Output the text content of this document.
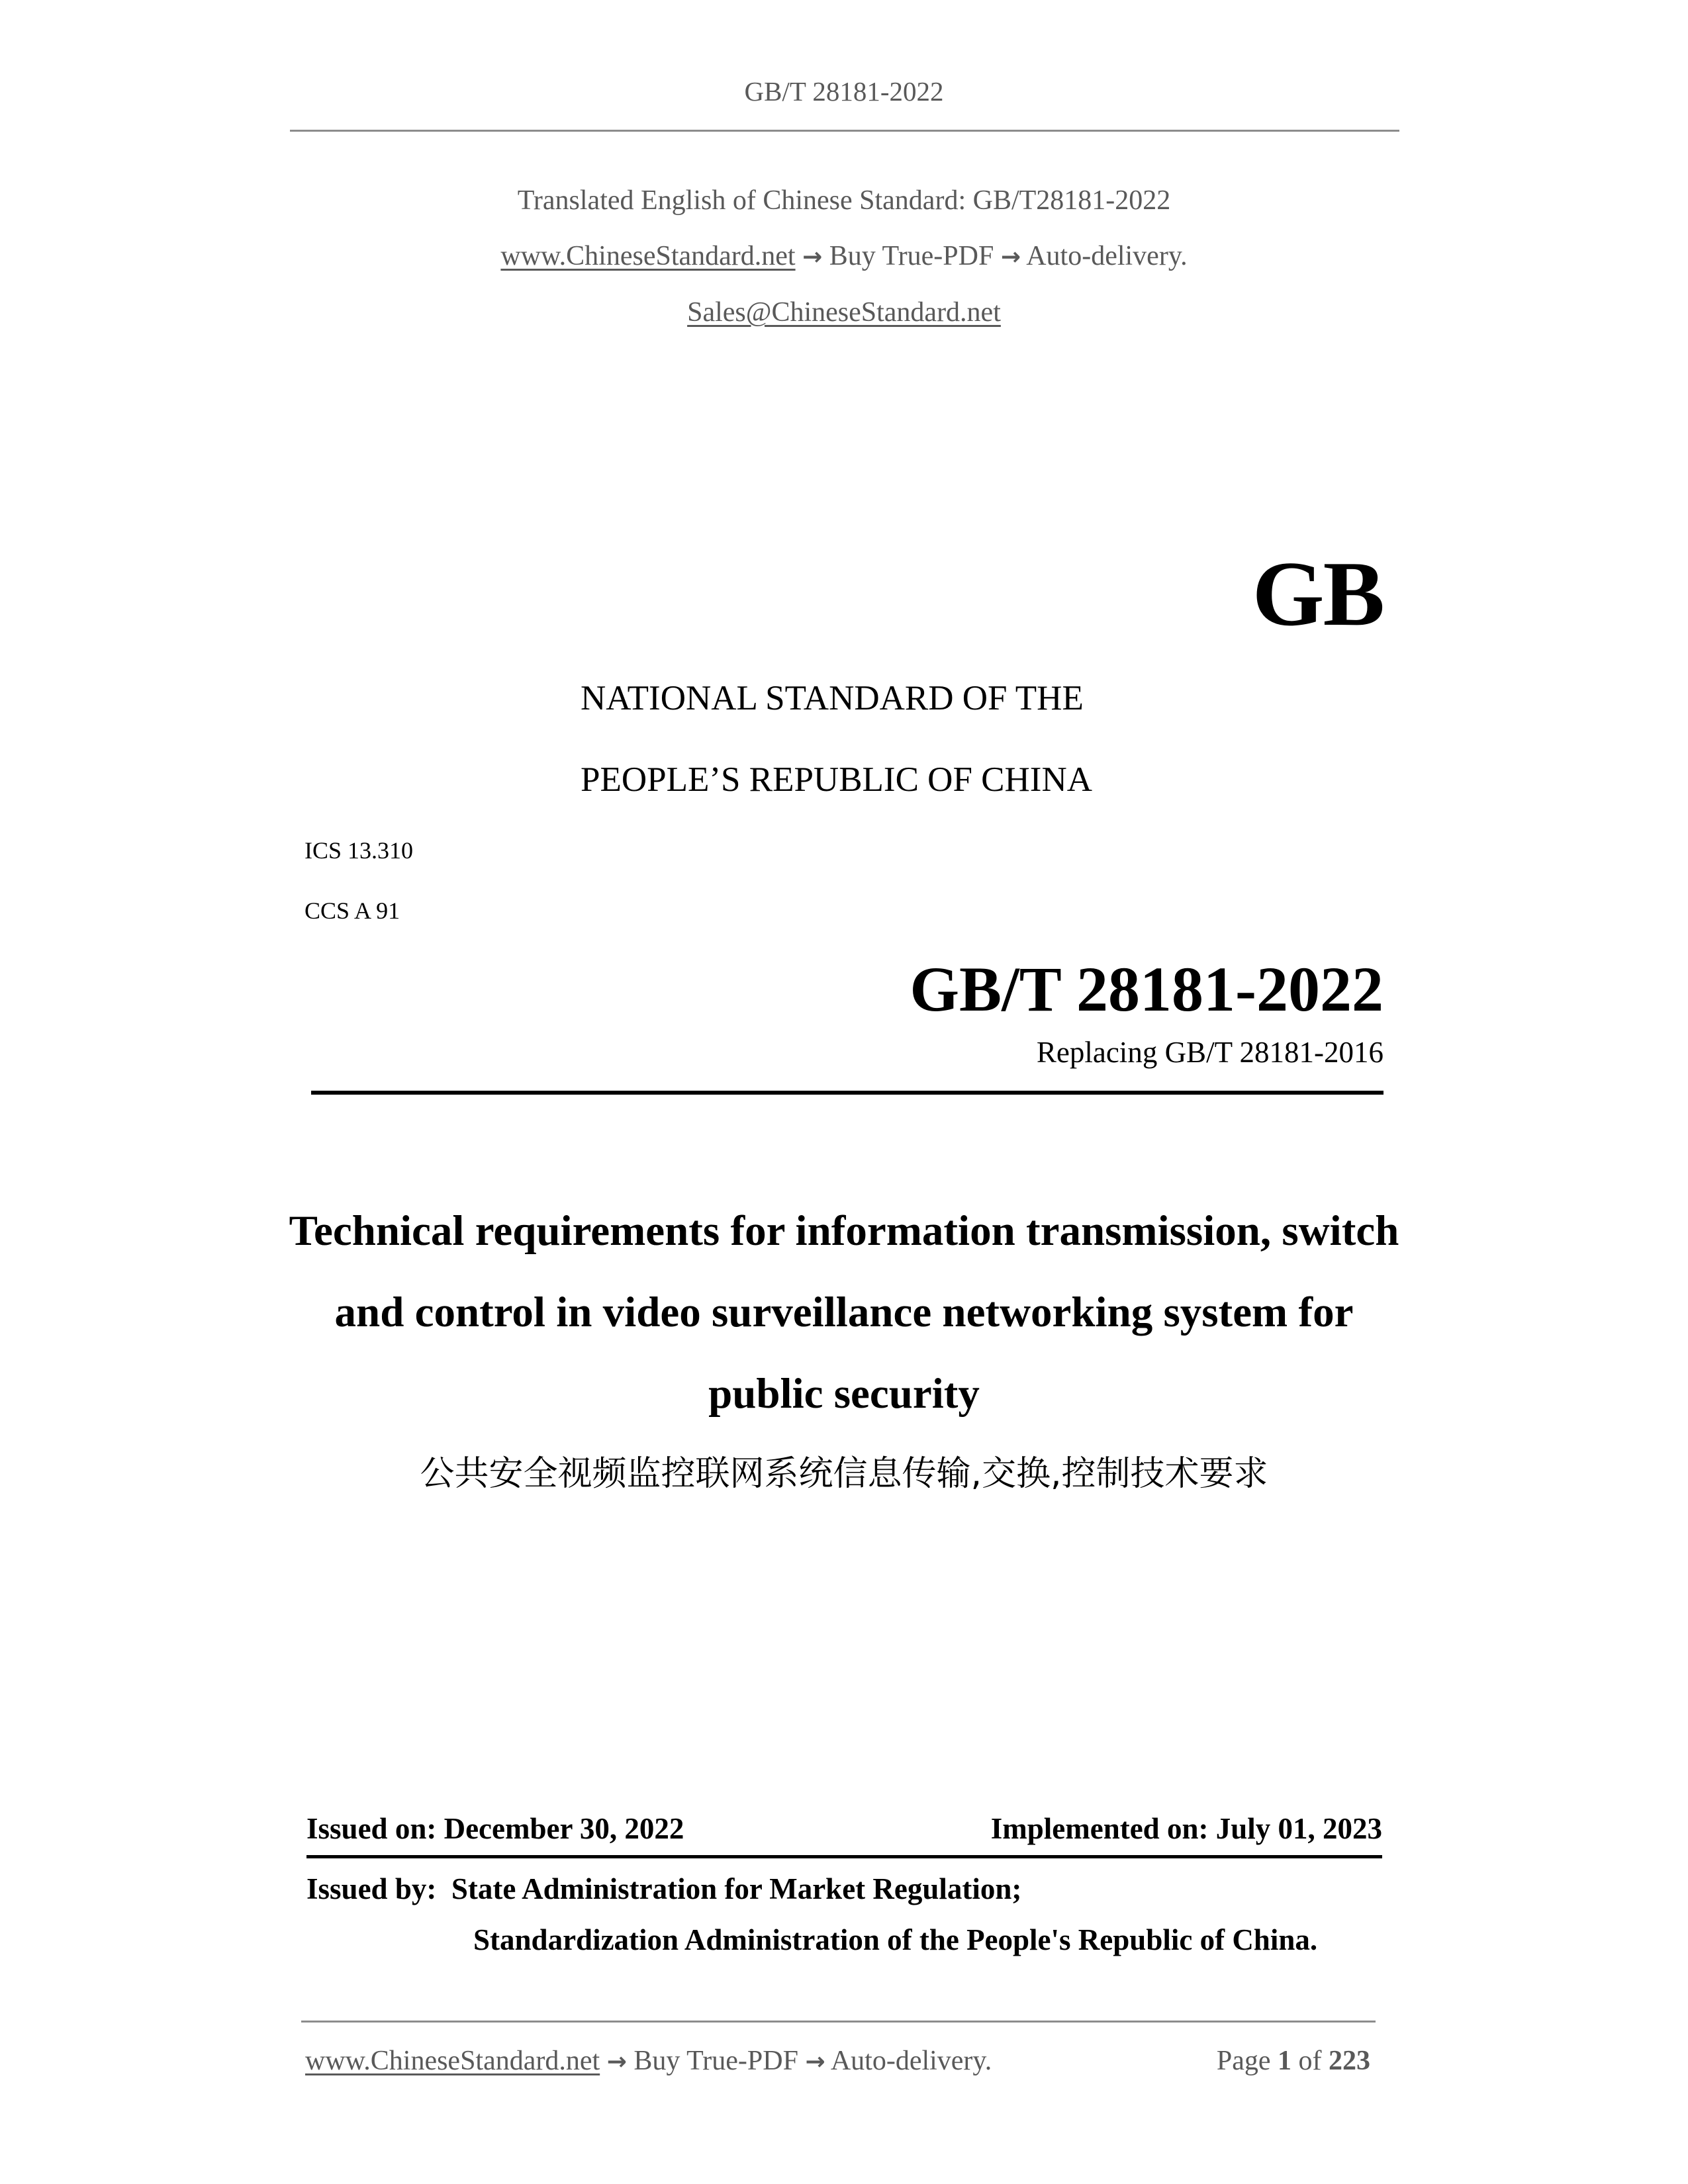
GB/T 28181-2022
Translated English of Chinese Standard: GB/T28181-2022
www.ChineseStandard.net → Buy True-PDF → Auto-delivery.
Sales@ChineseStandard.net
GB
NATIONAL STANDARD OF THE
PEOPLE’S REPUBLIC OF CHINA
ICS 13.310
CCS A 91
GB/T 28181-2022
Replacing GB/T 28181-2016
Technical requirements for information transmission, switch
and control in video surveillance networking system for
public security
公共安全视频监控联网系统信息传输,交换,控制技术要求
Issued on: December 30, 2022	Implemented on: July 01, 2023
Issued by: State Administration for Market Regulation;
Standardization Administration of the People's Republic of China.
www.ChineseStandard.net → Buy True-PDF → Auto-delivery.	Page 1 of 223
